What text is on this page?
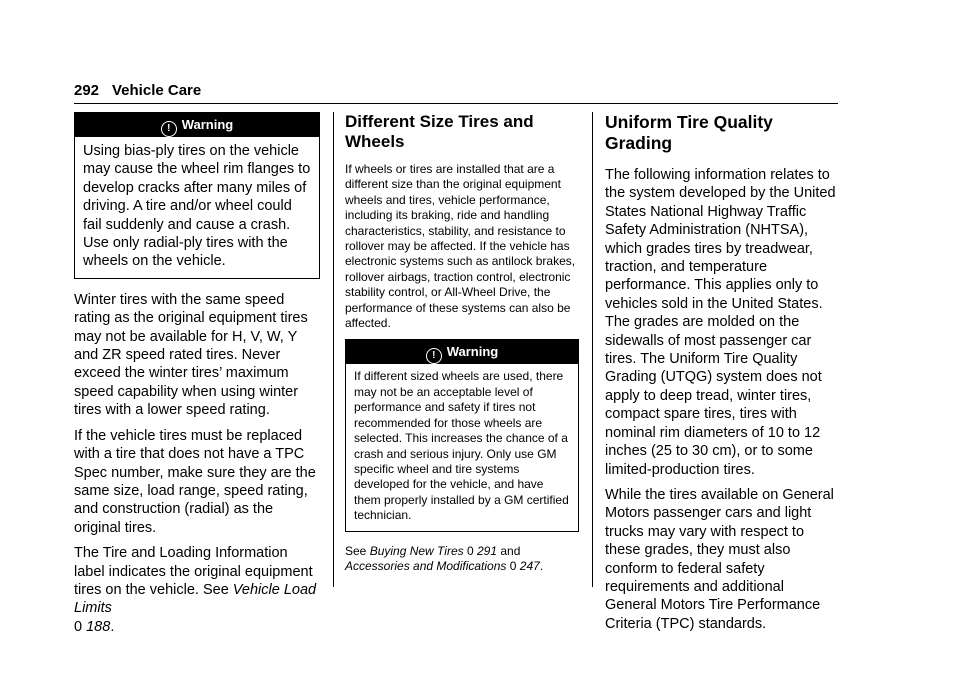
292 Vehicle Care
! Warning

Using bias-ply tires on the vehicle may cause the wheel rim flanges to develop cracks after many miles of driving. A tire and/or wheel could fail suddenly and cause a crash. Use only radial-ply tires with the wheels on the vehicle.

Winter tires with the same speed rating as the original equipment tires may not be available for H, V, W, Y and ZR speed rated tires. Never exceed the winter tires’ maximum speed capability when using winter tires with a lower speed rating.

If the vehicle tires must be replaced with a tire that does not have a TPC Spec number, make sure they are the same size, load range, speed rating, and construction (radial) as the original tires.

The Tire and Loading Information label indicates the original equipment tires on the vehicle. See Vehicle Load Limits
0 188.

Different Size Tires and Wheels

If wheels or tires are installed that are a different size than the original equipment wheels and tires, vehicle performance, including its braking, ride and handling characteristics, stability, and resistance to rollover may be affected. If the vehicle has electronic systems such as antilock brakes, rollover airbags, traction control, electronic stability control, or All-Wheel Drive, the performance of these systems can also be affected.

! Warning

If different sized wheels are used, there may not be an acceptable level of performance and safety if tires not recommended for those wheels are selected. This increases the chance of a crash and serious injury. Only use GM specific wheel and tire systems developed for the vehicle, and have them properly installed by a GM certified technician.

See Buying New Tires 0 291 and
Accessories and Modifications 0 247.

Uniform Tire Quality Grading

The following information relates to the system developed by the United States National Highway Traffic Safety Administration (NHTSA), which grades tires by treadwear, traction, and temperature performance. This applies only to vehicles sold in the United States. The grades are molded on the sidewalls of most passenger car tires. The Uniform Tire Quality Grading (UTQG) system does not apply to deep tread, winter tires, compact spare tires, tires with nominal rim diameters of 10 to 12 inches (25 to 30 cm), or to some limited-production tires.

While the tires available on General Motors passenger cars and light trucks may vary with respect to these grades, they must also conform to federal safety requirements and additional General Motors Tire Performance Criteria (TPC) standards.
